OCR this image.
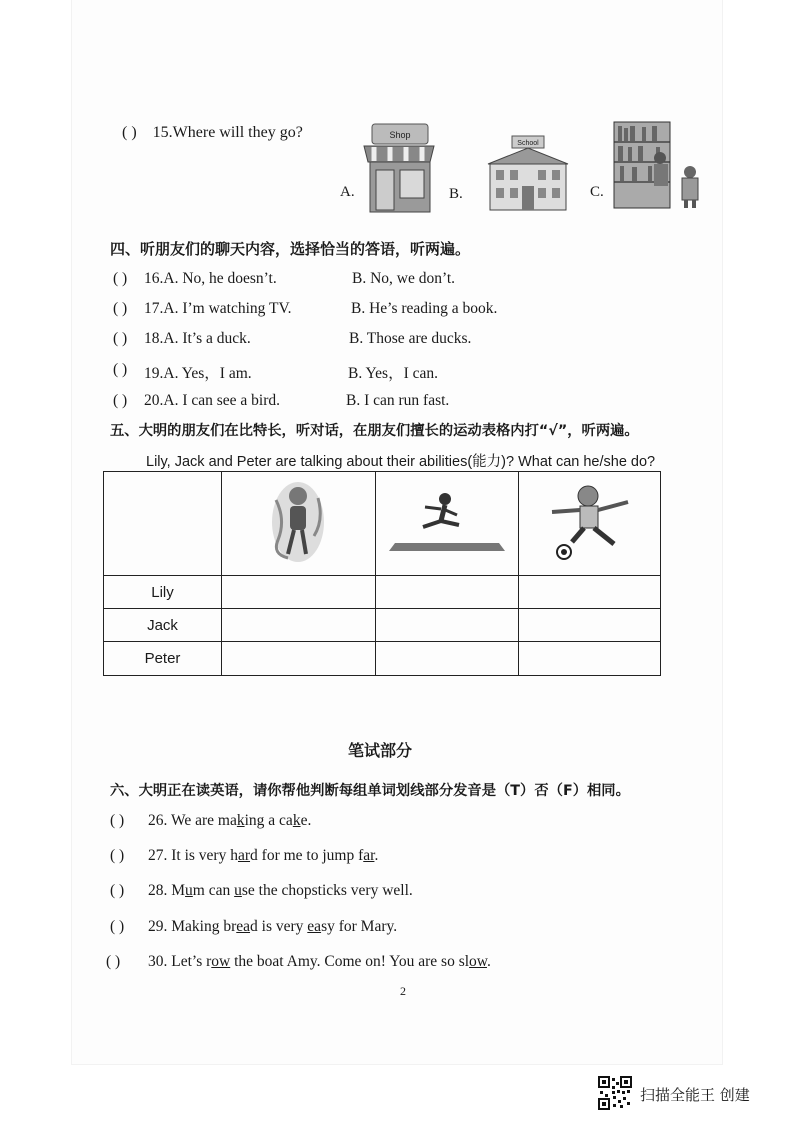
( ) 15.Where will they go?
A.
Shop
B.
School
C.
四、听朋友们的聊天内容，选择恰当的答语，听两遍。
( ) 16.A. No, he doesn’t.	B. No, we don’t.
( ) 17.A. I’m watching TV.	B. He’s reading a book.
( ) 18.A. It’s a duck.	B. Those are ducks.
( ) 19.A. Yes，I am.	B. Yes，I can.
( ) 20.A. I can see a bird.	B. I can run fast.
五、大明的朋友们在比特长，听对话，在朋友们擅长的运动表格内打“√”，听两遍。
Lily, Jack and Peter are talking about their abilities(能力)? What can he/she do?

Lily			
Jack			
Peter			
笔试部分
六、大明正在读英语，请你帮他判断每组单词划线部分发音是（T）否（F）相同。
( ) 26. We are making a cake.
( ) 27. It is very hard for me to jump far.
( ) 28. Mum can use the chopsticks very well.
( ) 29. Making bread is very easy for Mary.
( ) 30. Let’s row the boat Amy. Come on! You are so slow.
2
扫描全能王 创建
